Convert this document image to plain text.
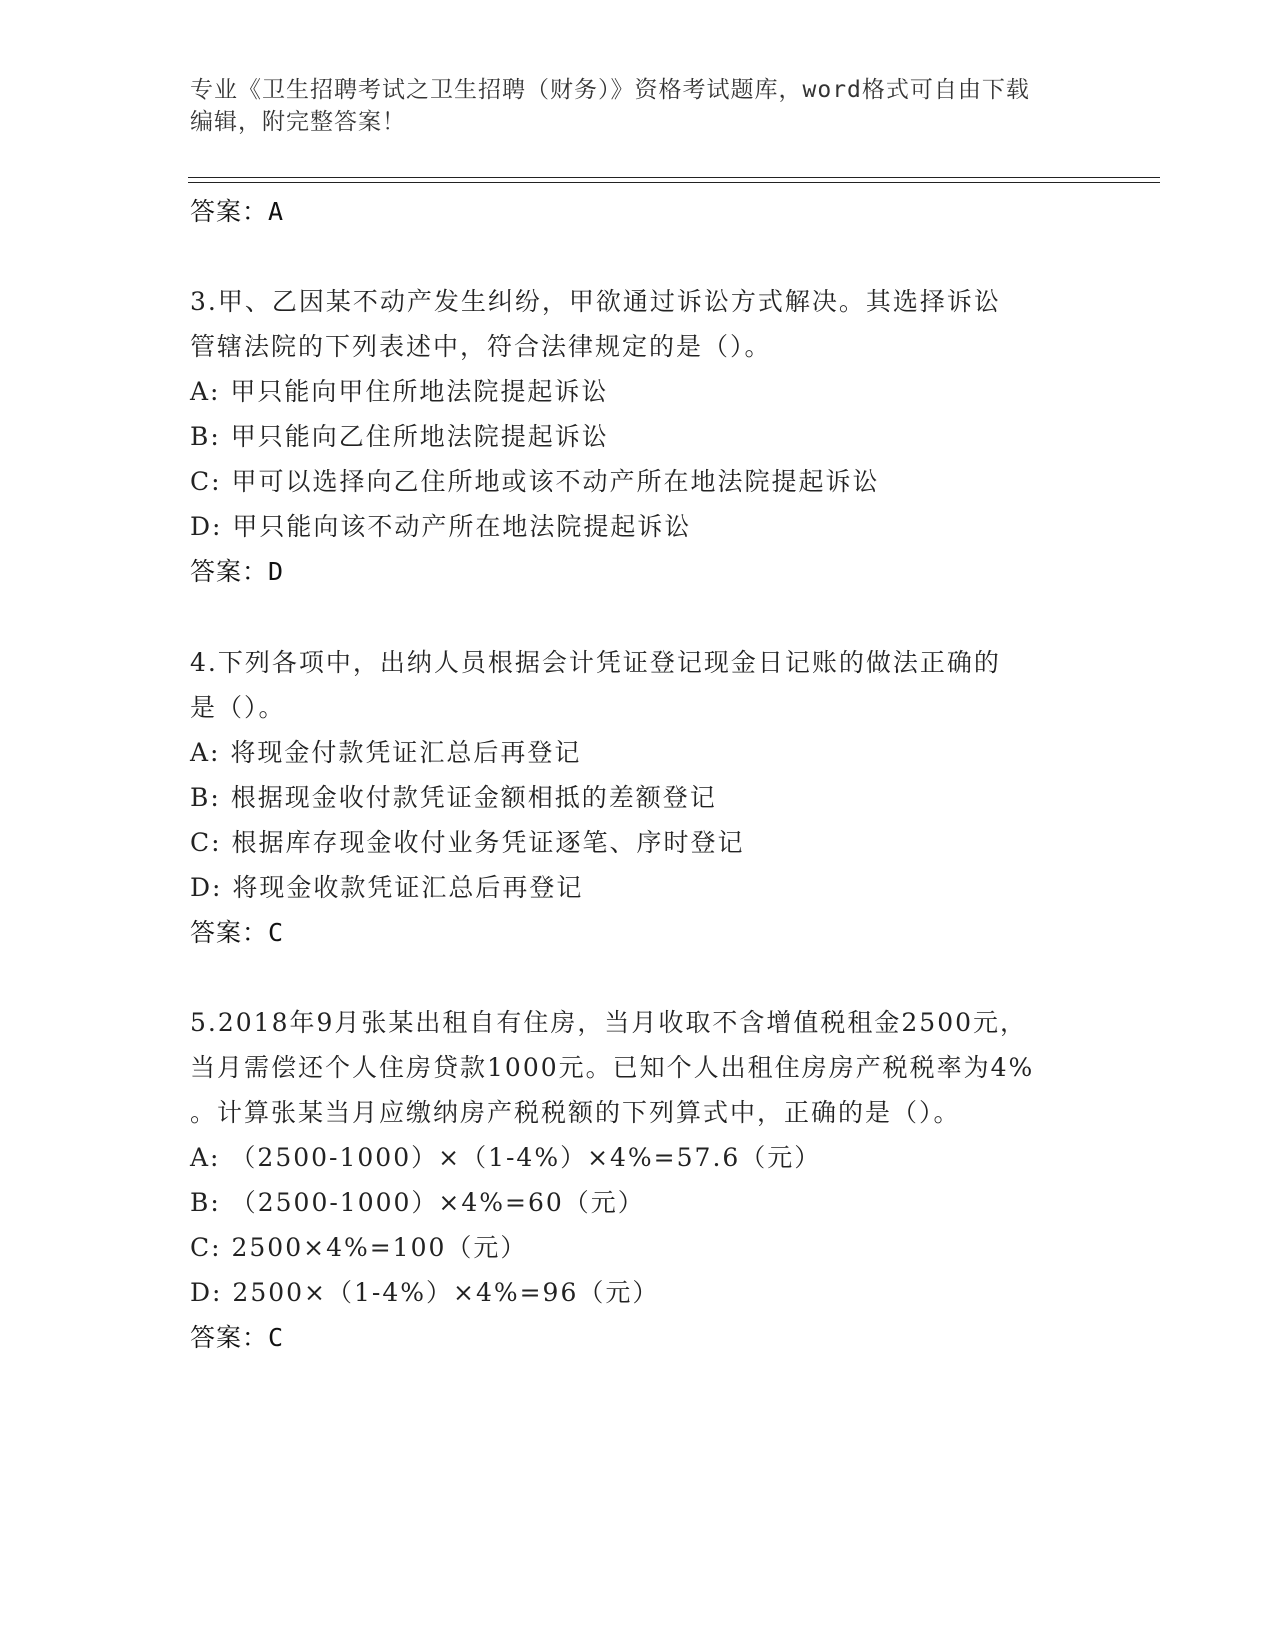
专业《卫生招聘考试之卫生招聘（财务）》资格考试题库，word格式可自由下载
编辑，附完整答案！
答案：A
3.甲、乙因某不动产发生纠纷，甲欲通过诉讼方式解决。其选择诉讼
管辖法院的下列表述中，符合法律规定的是（）。
A: 甲只能向甲住所地法院提起诉讼
B: 甲只能向乙住所地法院提起诉讼
C: 甲可以选择向乙住所地或该不动产所在地法院提起诉讼
D: 甲只能向该不动产所在地法院提起诉讼
答案：D
4.下列各项中，出纳人员根据会计凭证登记现金日记账的做法正确的
是（）。
A: 将现金付款凭证汇总后再登记
B: 根据现金收付款凭证金额相抵的差额登记
C: 根据库存现金收付业务凭证逐笔、序时登记
D: 将现金收款凭证汇总后再登记
答案：C
5.2018年9月张某出租自有住房，当月收取不含增值税租金2500元，
当月需偿还个人住房贷款1000元。已知个人出租住房房产税税率为4%
。计算张某当月应缴纳房产税税额的下列算式中，正确的是（）。
A: （2500-1000）×（1-4%）×4%=57.6（元）
B: （2500-1000）×4%=60（元）
C: 2500×4%=100（元）
D: 2500×（1-4%）×4%=96（元）
答案：C
